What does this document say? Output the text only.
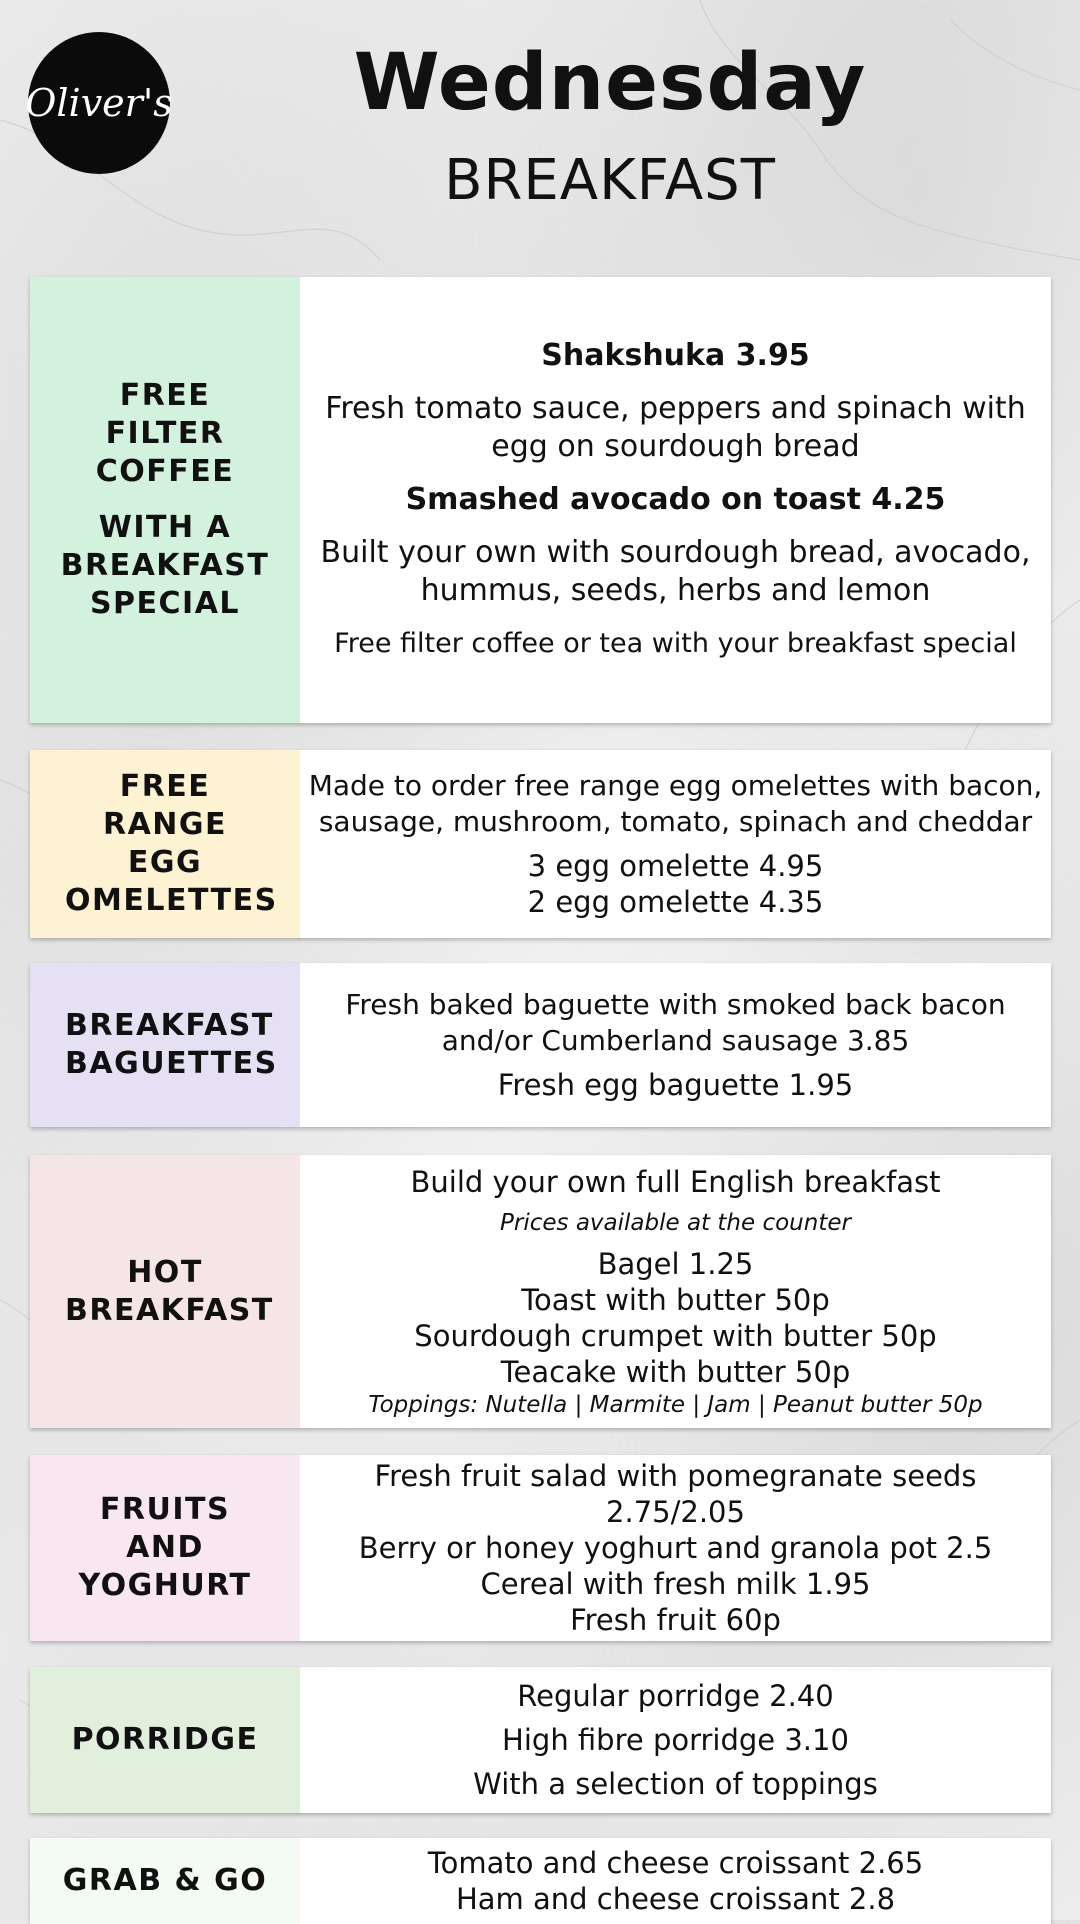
Oliver's	Wednesday
BREAKFAST
FREE FILTER COFFEE
WITH A BREAKFAST SPECIAL
Shakshuka 3.95
Fresh tomato sauce, peppers and spinach with egg on sourdough bread
Smashed avocado on toast 4.25
Built your own with sourdough bread, avocado, hummus, seeds, herbs and lemon
Free filter coffee or tea with your breakfast special
FREE RANGE EGG OMELETTES
Made to order free range egg omelettes with bacon, sausage, mushroom, tomato, spinach and cheddar
3 egg omelette 4.95
2 egg omelette 4.35
BREAKFAST BAGUETTES
Fresh baked baguette with smoked back bacon and/or Cumberland sausage 3.85
Fresh egg baguette 1.95
HOT BREAKFAST
Build your own full English breakfast
Prices available at the counter
Bagel 1.25
Toast with butter 50p
Sourdough crumpet with butter 50p
Teacake with butter 50p
Toppings: Nutella | Marmite | Jam | Peanut butter 50p
FRUITS AND YOGHURT
Fresh fruit salad with pomegranate seeds 2.75/2.05
Berry or honey yoghurt and granola pot 2.5
Cereal with fresh milk 1.95
Fresh fruit 60p
PORRIDGE
Regular porridge 2.40
High fibre porridge 3.10
With a selection of toppings
GRAB & GO	Tomato and cheese croissant 2.65
Ham and cheese croissant 2.8
